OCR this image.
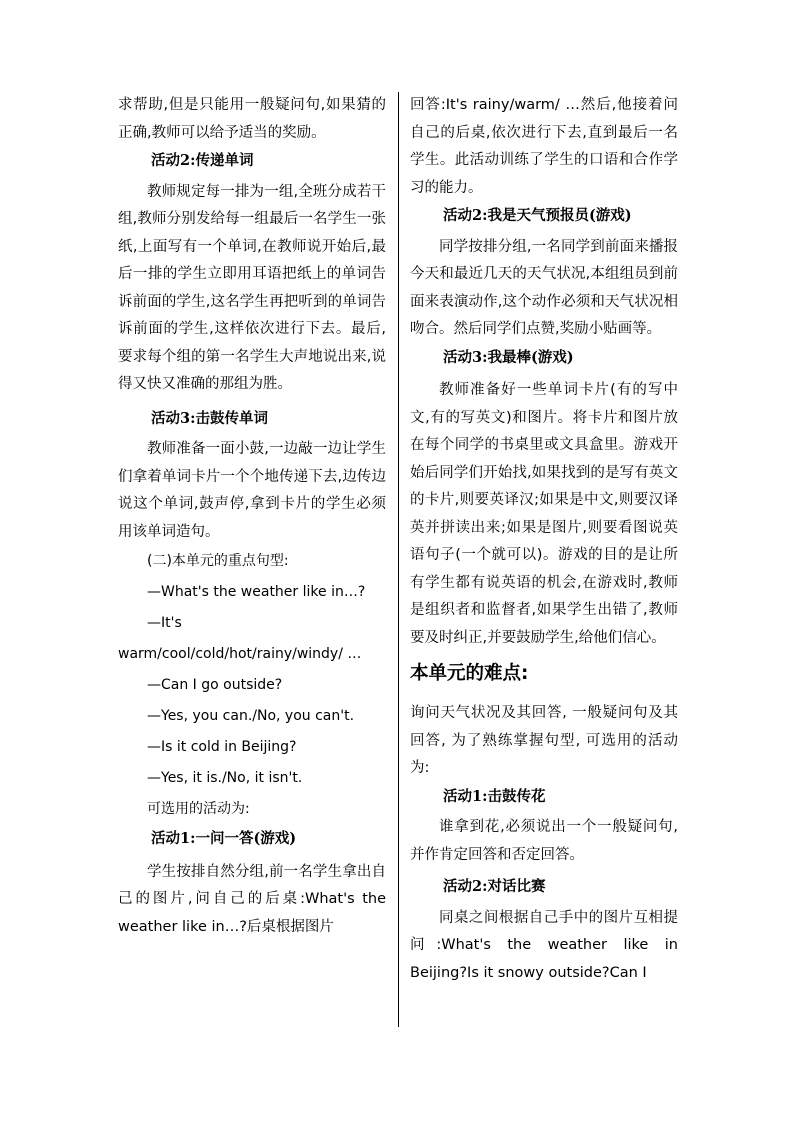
求帮助,但是只能用一般疑问句,如果猜的正确,教师可以给予适当的奖励。

活动2:传递单词

教师规定每一排为一组,全班分成若干组,教师分别发给每一组最后一名学生一张纸,上面写有一个单词,在教师说开始后,最后一排的学生立即用耳语把纸上的单词告诉前面的学生,这名学生再把听到的单词告诉前面的学生,这样依次进行下去。最后,要求每个组的第一名学生大声地说出来,说得又快又准确的那组为胜。

活动3:击鼓传单词

教师准备一面小鼓,一边敲一边让学生们拿着单词卡片一个个地传递下去,边传边说这个单词,鼓声停,拿到卡片的学生必须用该单词造句。

(二)本单元的重点句型:

—What's the weather like in…?

—It's

warm/cool/cold/hot/rainy/windy/ …

—Can I go outside?

—Yes, you can./No, you can't.

—Is it cold in Beijing?

—Yes, it is./No, it isn't.

可选用的活动为:

活动1:一问一答(游戏)

学生按排自然分组,前一名学生拿出自己的图片,问自己的后桌:What's the weather like in…?后桌根据图片

回答:It's rainy/warm/ …然后,他接着问自己的后桌,依次进行下去,直到最后一名学生。此活动训练了学生的口语和合作学习的能力。

活动2:我是天气预报员(游戏)

同学按排分组,一名同学到前面来播报今天和最近几天的天气状况,本组组员到前面来表演动作,这个动作必须和天气状况相吻合。然后同学们点赞,奖励小贴画等。

活动3:我最棒(游戏)

教师准备好一些单词卡片(有的写中文,有的写英文)和图片。将卡片和图片放在每个同学的书桌里或文具盒里。游戏开始后同学们开始找,如果找到的是写有英文的卡片,则要英译汉;如果是中文,则要汉译英并拼读出来;如果是图片,则要看图说英语句子(一个就可以)。游戏的目的是让所有学生都有说英语的机会,在游戏时,教师是组织者和监督者,如果学生出错了,教师要及时纠正,并要鼓励学生,给他们信心。

本单元的难点:

询问天气状况及其回答, 一般疑问句及其回答, 为了熟练掌握句型, 可选用的活动为:

活动1:击鼓传花

谁拿到花,必须说出一个一般疑问句,并作肯定回答和否定回答。

活动2:对话比赛

同桌之间根据自己手中的图片互相提问:What's the weather like in Beijing?Is it snowy outside?Can I
